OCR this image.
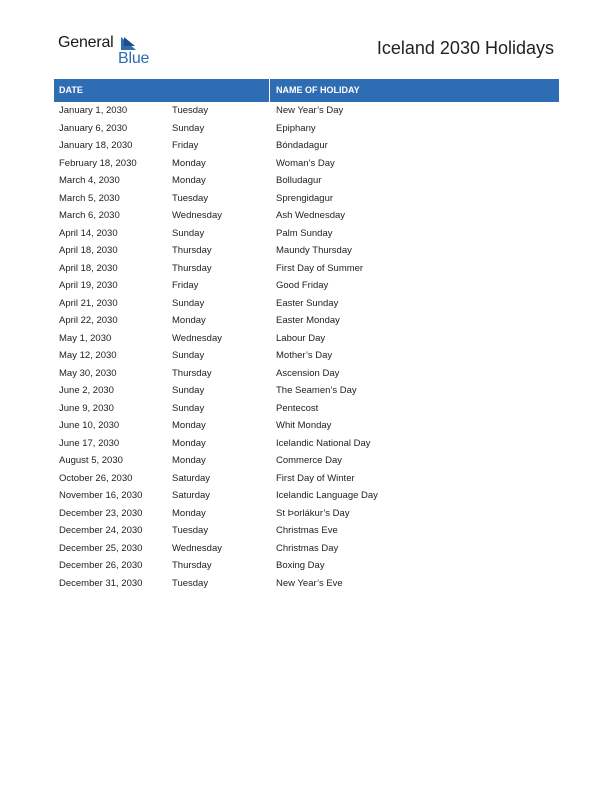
General
Blue
Iceland 2030 Holidays
DATE	NAME OF HOLIDAY
January 1, 2030	Tuesday	New Year’s Day
January 6, 2030	Sunday	Epiphany
January 18, 2030	Friday	Bóndadagur
February 18, 2030	Monday	Woman’s Day
March 4, 2030	Monday	Bolludagur
March 5, 2030	Tuesday	Sprengidagur
March 6, 2030	Wednesday	Ash Wednesday
April 14, 2030	Sunday	Palm Sunday
April 18, 2030	Thursday	Maundy Thursday
April 18, 2030	Thursday	First Day of Summer
April 19, 2030	Friday	Good Friday
April 21, 2030	Sunday	Easter Sunday
April 22, 2030	Monday	Easter Monday
May 1, 2030	Wednesday	Labour Day
May 12, 2030	Sunday	Mother’s Day
May 30, 2030	Thursday	Ascension Day
June 2, 2030	Sunday	The Seamen’s Day
June 9, 2030	Sunday	Pentecost
June 10, 2030	Monday	Whit Monday
June 17, 2030	Monday	Icelandic National Day
August 5, 2030	Monday	Commerce Day
October 26, 2030	Saturday	First Day of Winter
November 16, 2030	Saturday	Icelandic Language Day
December 23, 2030	Monday	St Þorlákur’s Day
December 24, 2030	Tuesday	Christmas Eve
December 25, 2030	Wednesday	Christmas Day
December 26, 2030	Thursday	Boxing Day
December 31, 2030	Tuesday	New Year’s Eve
